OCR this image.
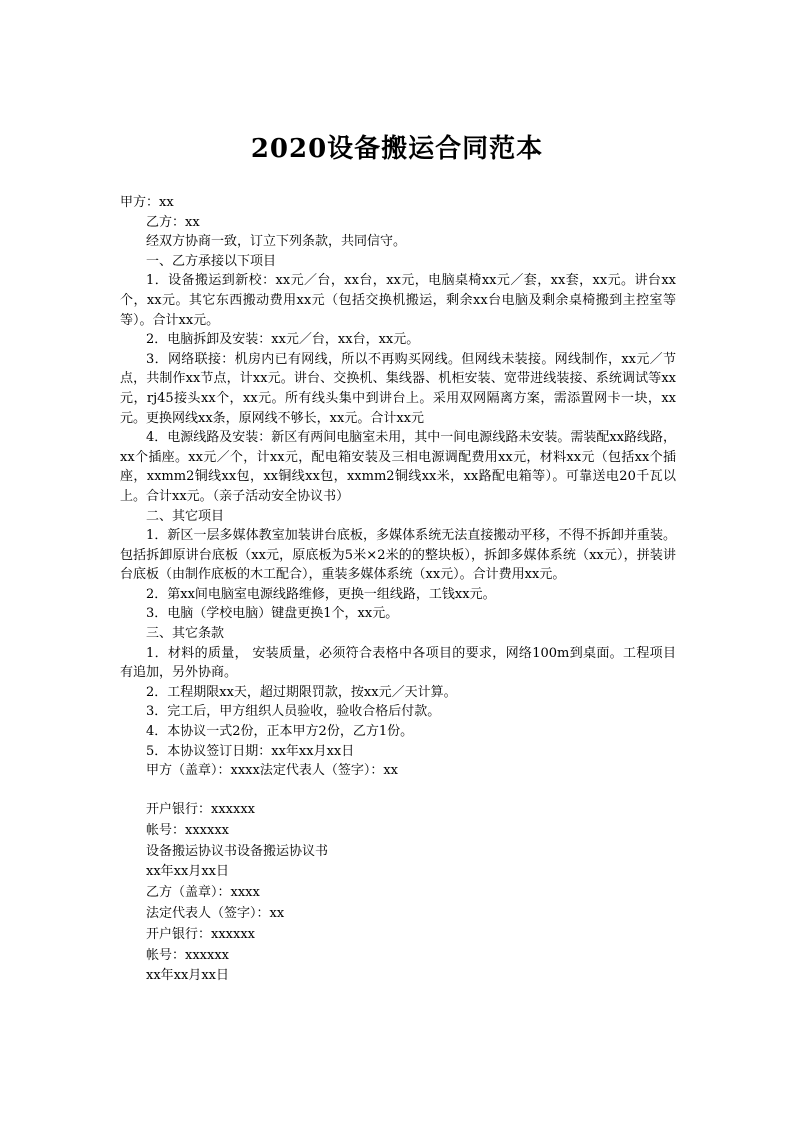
2020设备搬运合同范本

甲方：xx

乙方：xx

经双方协商一致，订立下列条款，共同信守。

一、乙方承接以下项目

1．设备搬运到新校：xx元／台，xx台，xx元，电脑桌椅xx元／套，xx套，xx元。讲台xx个，xx元。其它东西搬动费用xx元（包括交换机搬运，剩余xx台电脑及剩余桌椅搬到主控室等等）。合计xx元。

2．电脑拆卸及安装：xx元／台，xx台，xx元。

3．网络联接：机房内已有网线，所以不再购买网线。但网线未装接。网线制作，xx元／节点，共制作xx节点，计xx元。讲台、交换机、集线器、机柜安装、宽带进线装接、系统调试等xx元，rj45接头xx个，xx元。所有线头集中到讲台上。采用双网隔离方案，需添置网卡一块，xx元。更换网线xx条，原网线不够长，xx元。合计xx元

4．电源线路及安装：新区有两间电脑室未用，其中一间电源线路未安装。需装配xx路线路，xx个插座。xx元／个，计xx元，配电箱安装及三相电源调配费用xx元，材料xx元（包括xx个插座，xxmm2铜线xx包，xx铜线xx包，xxmm2铜线xx米，xx路配电箱等）。可靠送电20千瓦以上。合计xx元。（亲子活动安全协议书）

二、其它项目

1．新区一层多媒体教室加装讲台底板，多媒体系统无法直接搬动平移，不得不拆卸并重装。包括拆卸原讲台底板（xx元，原底板为5米×2米的的整块板），拆卸多媒体系统（xx元），拼装讲台底板（由制作底板的木工配合），重装多媒体系统（xx元）。合计费用xx元。

2．第xx间电脑室电源线路维修，更换一组线路，工钱xx元。

3．电脑（学校电脑）键盘更换1个，xx元。

三、其它条款

1．材料的质量， 安装质量，必须符合表格中各项目的要求，网络100m到桌面。工程项目有追加，另外协商。

2．工程期限xx天，超过期限罚款，按xx元／天计算。

3．完工后，甲方组织人员验收，验收合格后付款。

4．本协议一式2份，正本甲方2份，乙方1份。

5．本协议签订日期：xx年xx月xx日

甲方（盖章）：xxxx法定代表人（签字）：xx

开户银行：xxxxxx

帐号：xxxxxx

设备搬运协议书设备搬运协议书

xx年xx月xx日

乙方（盖章）：xxxx

法定代表人（签字）：xx

开户银行：xxxxxx

帐号：xxxxxx

xx年xx月xx日
